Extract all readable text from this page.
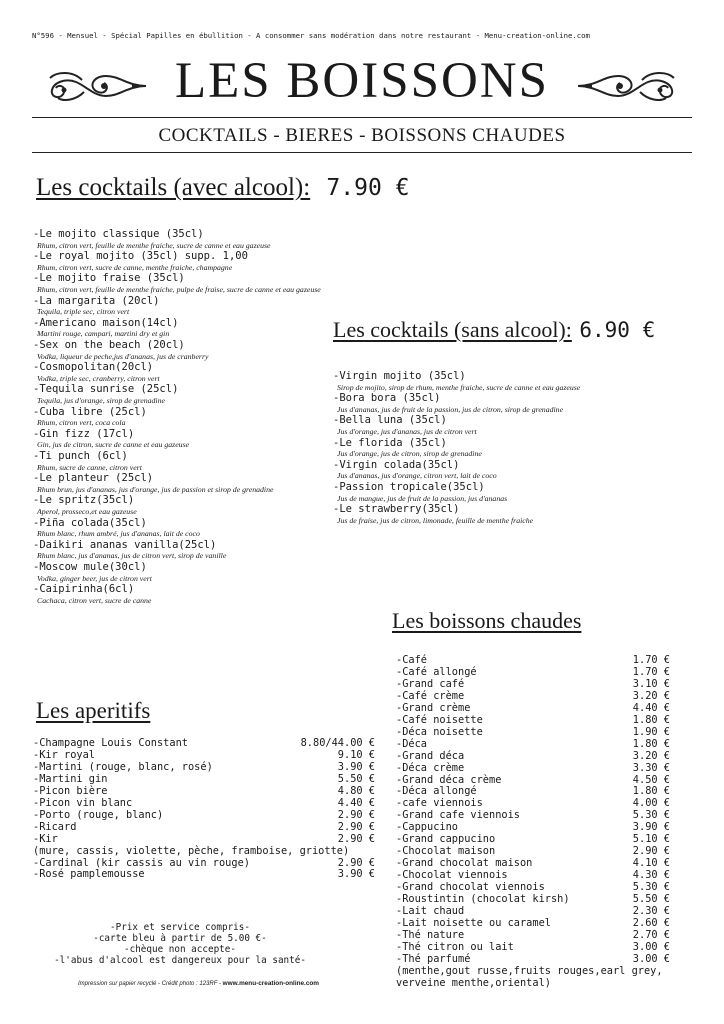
N°596 - Mensuel - Spécial Papilles en ébullition - A consommer sans modération dans notre restaurant - Menu-creation-online.com
LES BOISSONS
COCKTAILS - BIERES - BOISSONS CHAUDES
Les cocktails (avec alcool): 7.90 €
-Le mojito classique (35cl)
Rhum, citron vert, feuille de menthe fraiche, sucre de canne et eau gazeuse
-Le royal mojito (35cl) supp. 1,00
Rhum, citron vert, sucre de canne, menthe fraiche, champagne
-Le mojito fraise (35cl)
Rhum, citron vert, feuille de menthe fraiche, pulpe de fraise, sucre de canne et eau gazeuse
-La margarita (20cl)
Tequila, triple sec, citron vert
-Americano maison(14cl)
Martini rouge, campari, martini dry et gin
-Sex on the beach (20cl)
Vodka, liqueur de peche,jus d'ananas, jus de cranberry
-Cosmopolitan(20cl)
Vodka, triple sec, cranberry, citron vert
-Tequila sunrise (25cl)
Tequila, jus d'orange, sirop de grenadine
-Cuba libre (25cl)
Rhum, citron vert, coca cola
-Gin fizz (17cl)
Gin, jus de citron, sucre de canne et eau gazeuse
-Ti punch (6cl)
Rhum, sucre de canne, citron vert
-Le planteur (25cl)
Rhum brun, jus d'ananas, jus d'orange, jus de passion et sirop de grenadine
-Le spritz(35cl)
Aperol, prosseco,et eau gazeuse
-Piña colada(35cl)
Rhum blanc, rhum ambré, jus d'ananas, lait de coco
-Daikiri ananas vanilla(25cl)
Rhum blanc, jus d'ananas, jus de citron vert, sirop de vanille
-Moscow mule(30cl)
Vodka, ginger beer, jus de citron vert
-Caipirinha(6cl)
Cachaca, citron vert, sucre de canne
Les cocktails (sans alcool): 6.90 €
-Virgin mojito (35cl)
Sirop de mojito, sirop de rhum, menthe fraiche, sucre de canne et eau gazeuse
-Bora bora (35cl)
Jus d'ananas, jus de fruit de la passion, jus de citron, sirop de grenadine
-Bella luna (35cl)
Jus d'orange, jus d'ananas, jus de citron vert
-Le florida (35cl)
Jus d'orange, jus de citron, sirop de grenadine
-Virgin colada(35cl)
Jus d'ananas, jus d'orange, citron vert, lait de coco
-Passion tropicale(35cl)
Jus de mangue, jus de fruit de la passion, jus d'ananas
-Le strawberry(35cl)
Jus de fraise, jus de citron, limonade, feuille de menthe fraiche
Les boissons chaudes
-Café	1.70 €
-Café allongé	1.70 €
-Grand café	3.10 €
-Café crème	3.20 €
-Grand crème	4.40 €
-Café noisette	1.80 €
-Déca noisette	1.90 €
-Déca	1.80 €
-Grand déca	3.20 €
-Déca crème	3.30 €
-Grand déca crème	4.50 €
-Déca allongé	1.80 €
-cafe viennois	4.00 €
-Grand cafe viennois	5.30 €
-Cappucino	3.90 €
-Grand cappucino	5.10 €
-Chocolat maison	2.90 €
-Grand chocolat maison	4.10 €
-Chocolat viennois	4.30 €
-Grand chocolat viennois	5.30 €
-Roustintin (chocolat kirsh)	5.50 €
-Lait chaud	2.30 €
-Lait noisette ou caramel	2.60 €
-Thé nature	2.70 €
-Thé citron ou lait	3.00 €
-Thé parfumé	3.00 €
(menthe,gout russe,fruits rouges,earl grey,
verveine menthe,oriental)
Les aperitifs
-Champagne Louis Constant	8.80/44.00 €
-Kir royal	9.10 €
-Martini (rouge, blanc, rosé)	3.90 €
-Martini gin	5.50 €
-Picon bière	4.80 €
-Picon vin blanc	4.40 €
-Porto (rouge, blanc)	2.90 €
-Ricard	2.90 €
-Kir	2.90 €
(mure, cassis, violette, pèche, framboise, griotte)
-Cardinal (kir cassis au vin rouge)	2.90 €
-Rosé pamplemousse	3.90 €
-Prix et service compris-
-carte bleu à partir de 5.00 €-
-chèque non accepte-
-l'abus d'alcool est dangereux pour la santé-
Impression sur papier recyclé - Crédit photo : 123RF - www.menu-creation-online.com
